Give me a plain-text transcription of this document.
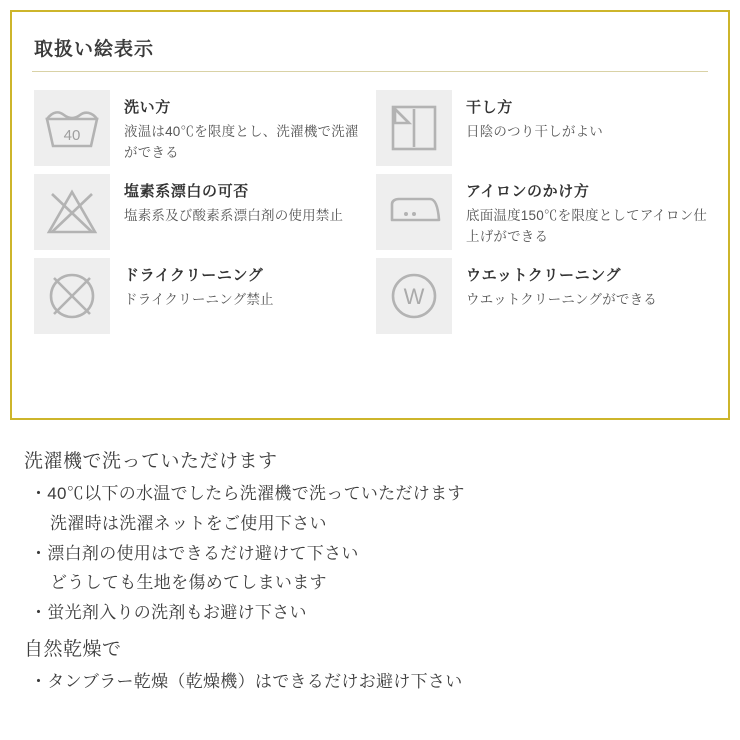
取扱い絵表示
40
洗い方
液温は40℃を限度とし、洗濯機で洗濯ができる
干し方
日陰のつり干しがよい
塩素系漂白の可否
塩素系及び酸素系漂白剤の使用禁止
アイロンのかけ方
底面温度150℃を限度としてアイロン仕上げができる
ドライクリーニング
ドライクリーニング禁止	W
ウエットクリーニング
ウエットクリーニングができる
洗濯機で洗っていただけます
・40℃以下の水温でしたら洗濯機で洗っていただけます
洗濯時は洗濯ネットをご使用下さい
・漂白剤の使用はできるだけ避けて下さい
どうしても生地を傷めてしまいます
・蛍光剤入りの洗剤もお避け下さい
自然乾燥で
・タンブラー乾燥（乾燥機）はできるだけお避け下さい
